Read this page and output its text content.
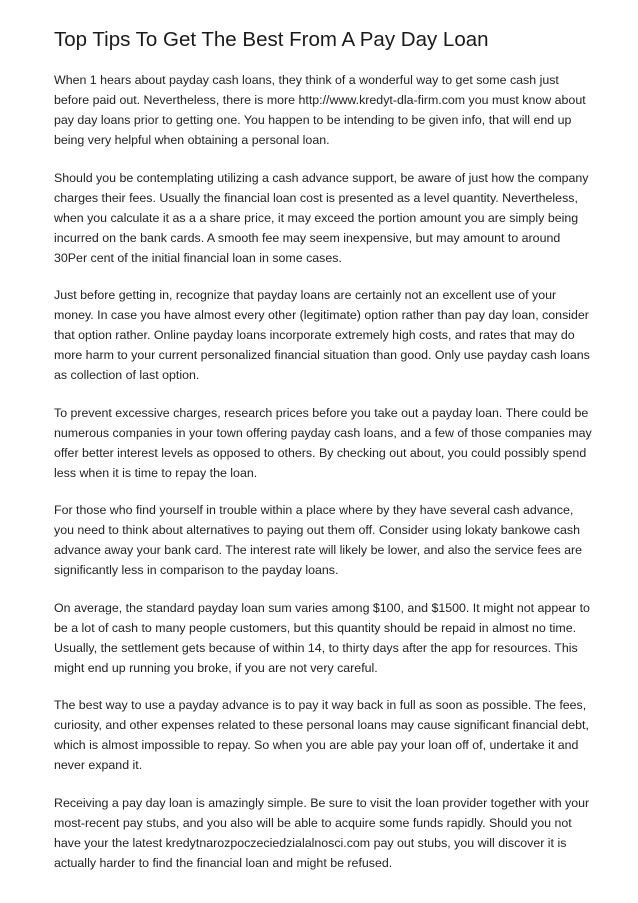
Top Tips To Get The Best From A Pay Day Loan

When 1 hears about payday cash loans, they think of a wonderful way to get some cash just before paid out. Nevertheless, there is more http://www.kredyt-dla-firm.com you must know about pay day loans prior to getting one. You happen to be intending to be given info, that will end up being very helpful when obtaining a personal loan.

Should you be contemplating utilizing a cash advance support, be aware of just how the company charges their fees. Usually the financial loan cost is presented as a level quantity. Nevertheless, when you calculate it as a a share price, it may exceed the portion amount you are simply being incurred on the bank cards. A smooth fee may seem inexpensive, but may amount to around 30Per cent of the initial financial loan in some cases.

Just before getting in, recognize that payday loans are certainly not an excellent use of your money. In case you have almost every other (legitimate) option rather than pay day loan, consider that option rather. Online payday loans incorporate extremely high costs, and rates that may do more harm to your current personalized financial situation than good. Only use payday cash loans as collection of last option.

To prevent excessive charges, research prices before you take out a payday loan. There could be numerous companies in your town offering payday cash loans, and a few of those companies may offer better interest levels as opposed to others. By checking out about, you could possibly spend less when it is time to repay the loan.

For those who find yourself in trouble within a place where by they have several cash advance, you need to think about alternatives to paying out them off. Consider using lokaty bankowe cash advance away your bank card. The interest rate will likely be lower, and also the service fees are significantly less in comparison to the payday loans.

On average, the standard payday loan sum varies among $100, and $1500. It might not appear to be a lot of cash to many people customers, but this quantity should be repaid in almost no time. Usually, the settlement gets because of within 14, to thirty days after the app for resources. This might end up running you broke, if you are not very careful.

The best way to use a payday advance is to pay it way back in full as soon as possible. The fees, curiosity, and other expenses related to these personal loans may cause significant financial debt, which is almost impossible to repay. So when you are able pay your loan off of, undertake it and never expand it.

Receiving a pay day loan is amazingly simple. Be sure to visit the loan provider together with your most-recent pay stubs, and you also will be able to acquire some funds rapidly. Should you not have your the latest kredytnarozpoczeciedzialalnosci.com pay out stubs, you will discover it is actually harder to find the financial loan and might be refused.
